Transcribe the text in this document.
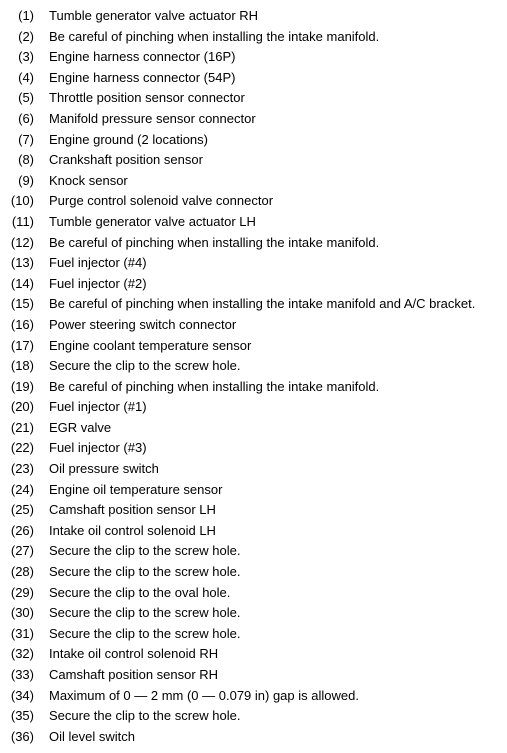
(1)	Tumble generator valve actuator RH
(2)	Be careful of pinching when installing the intake manifold.
(3)	Engine harness connector (16P)
(4)	Engine harness connector (54P)
(5)	Throttle position sensor connector
(6)	Manifold pressure sensor connector
(7)	Engine ground (2 locations)
(8)	Crankshaft position sensor
(9)	Knock sensor
(10)	Purge control solenoid valve connector
(11)	Tumble generator valve actuator LH
(12)	Be careful of pinching when installing the intake manifold.
(13)	Fuel injector (#4)
(14)	Fuel injector (#2)
(15)	Be careful of pinching when installing the intake manifold and A/C bracket.
(16)	Power steering switch connector
(17)	Engine coolant temperature sensor
(18)	Secure the clip to the screw hole.
(19)	Be careful of pinching when installing the intake manifold.
(20)	Fuel injector (#1)
(21)	EGR valve
(22)	Fuel injector (#3)
(23)	Oil pressure switch
(24)	Engine oil temperature sensor
(25)	Camshaft position sensor LH
(26)	Intake oil control solenoid LH
(27)	Secure the clip to the screw hole.
(28)	Secure the clip to the screw hole.
(29)	Secure the clip to the oval hole.
(30)	Secure the clip to the screw hole.
(31)	Secure the clip to the screw hole.
(32)	Intake oil control solenoid RH
(33)	Camshaft position sensor RH
(34)	Maximum of 0 — 2 mm (0 — 0.079 in) gap is allowed.
(35)	Secure the clip to the screw hole.
(36)	Oil level switch
